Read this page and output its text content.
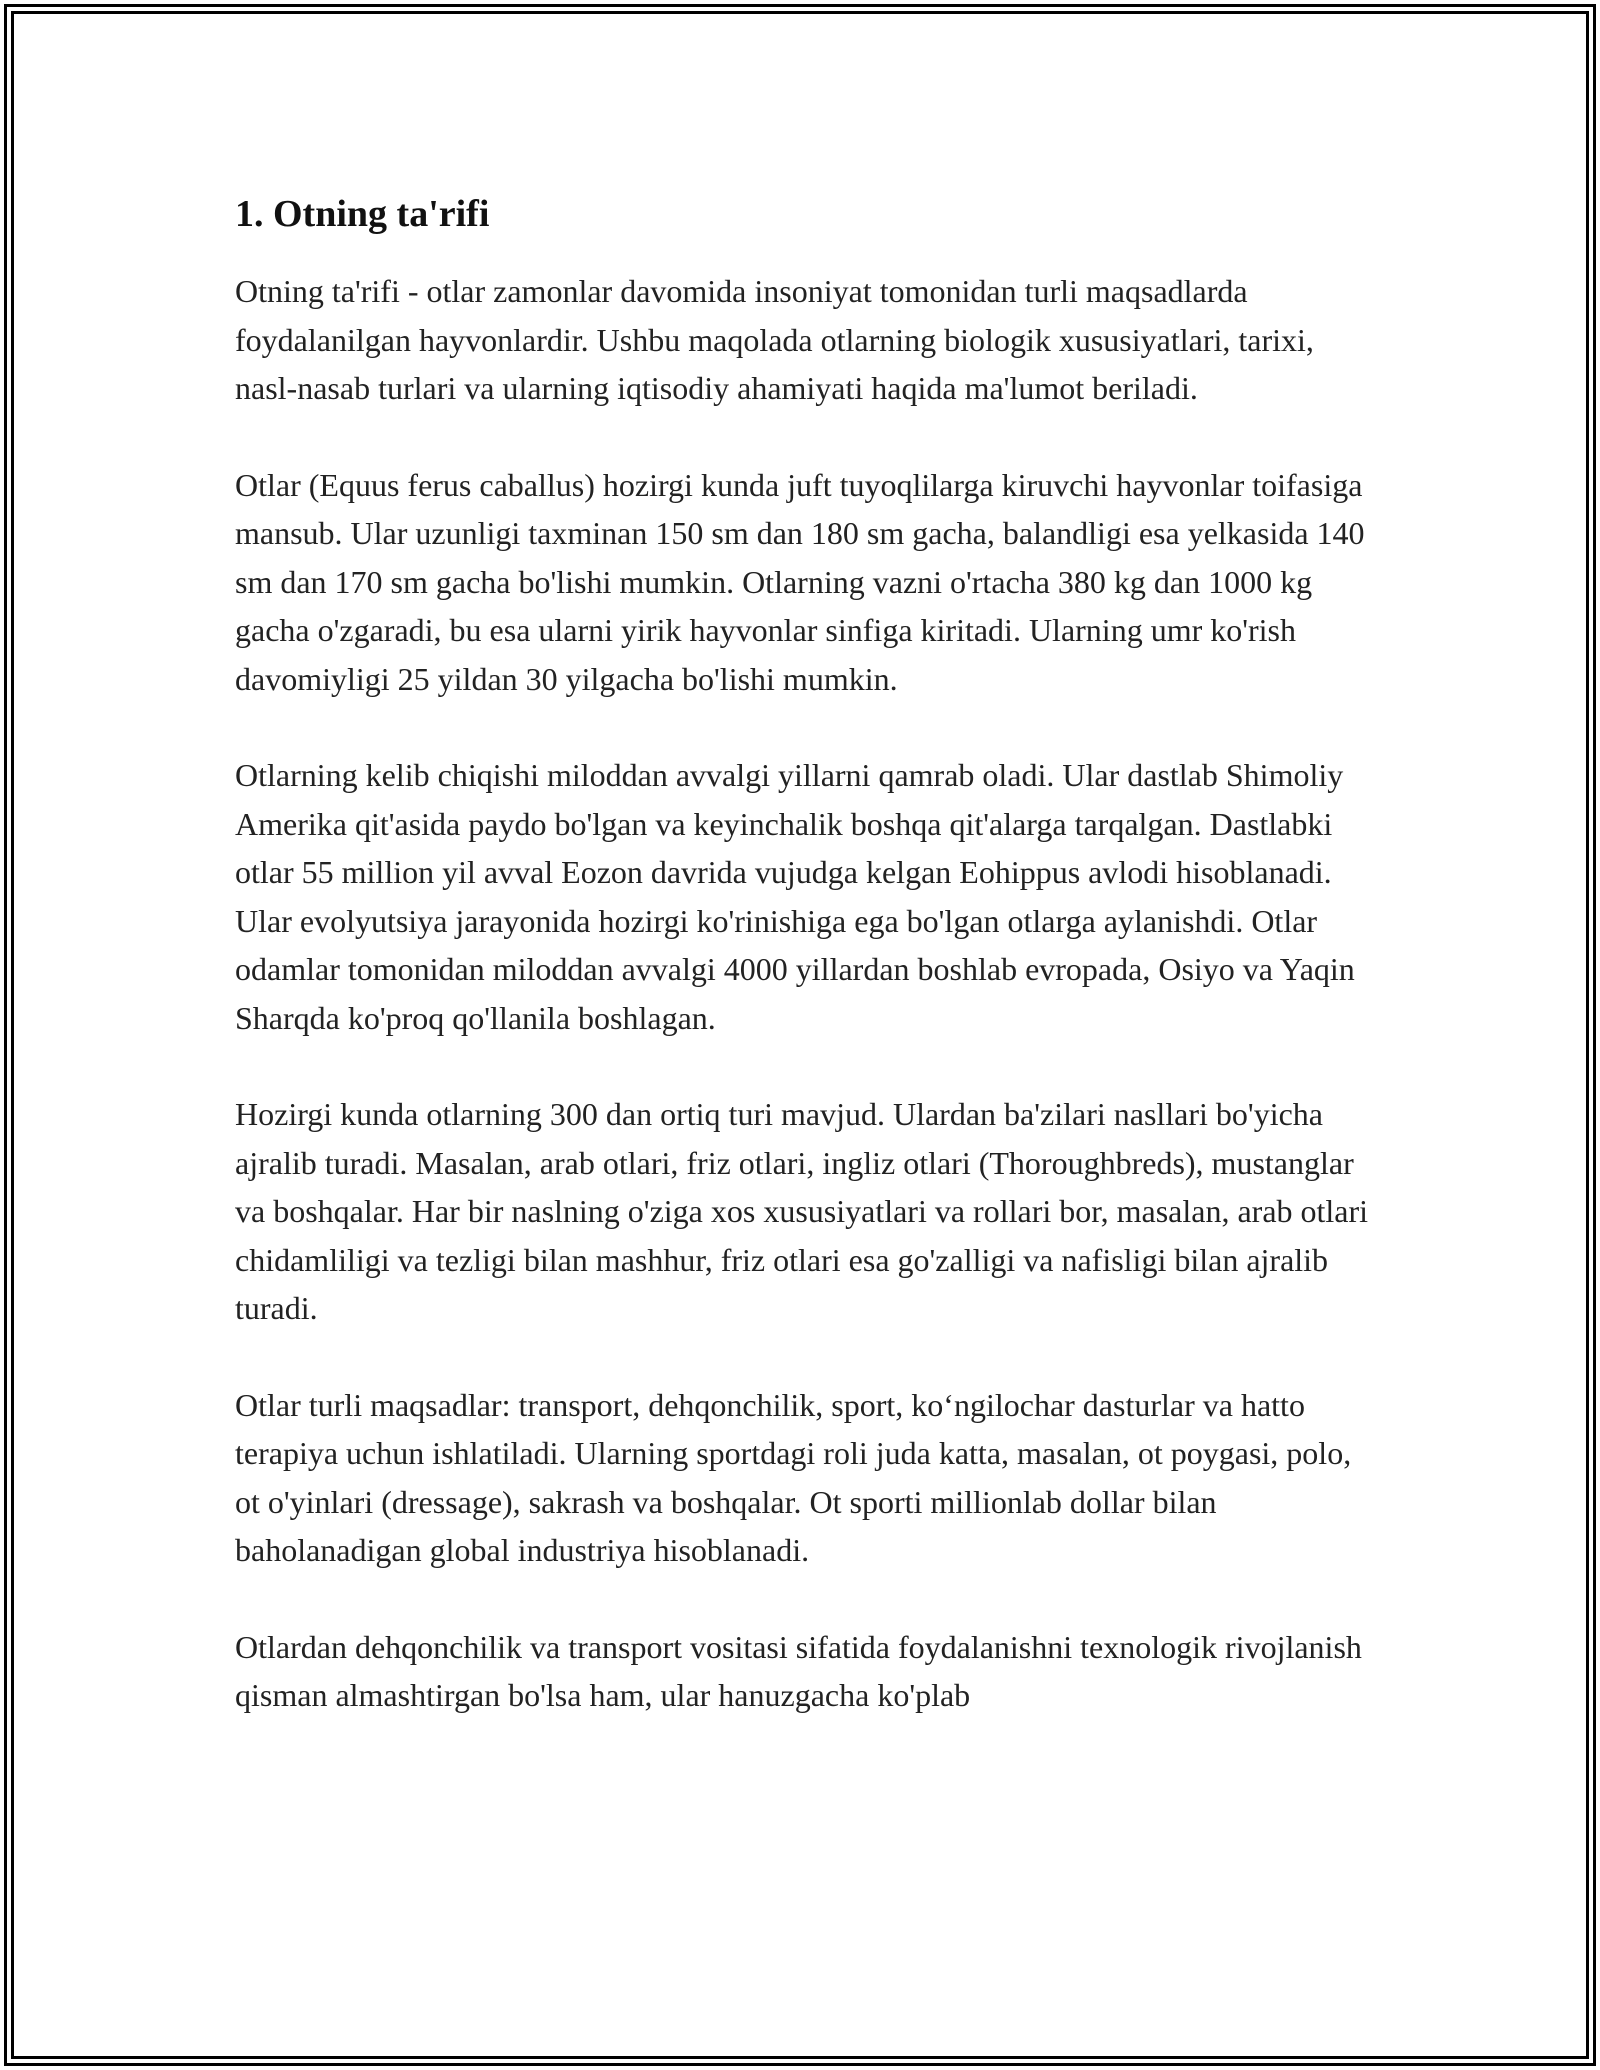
1. Otning ta'rifi

Otning ta'rifi - otlar zamonlar davomida insoniyat tomonidan turli maqsadlarda foydalanilgan hayvonlardir. Ushbu maqolada otlarning biologik xususiyatlari, tarixi, nasl-nasab turlari va ularning iqtisodiy ahamiyati haqida ma'lumot beriladi.

Otlar (Equus ferus caballus) hozirgi kunda juft tuyoqlilarga kiruvchi hayvonlar toifasiga mansub. Ular uzunligi taxminan 150 sm dan 180 sm gacha, balandligi esa yelkasida 140 sm dan 170 sm gacha bo'lishi mumkin. Otlarning vazni o'rtacha 380 kg dan 1000 kg gacha o'zgaradi, bu esa ularni yirik hayvonlar sinfiga kiritadi. Ularning umr ko'rish davomiyligi 25 yildan 30 yilgacha bo'lishi mumkin.

Otlarning kelib chiqishi miloddan avvalgi yillarni qamrab oladi. Ular dastlab Shimoliy Amerika qit'asida paydo bo'lgan va keyinchalik boshqa qit'alarga tarqalgan. Dastlabki otlar 55 million yil avval Eozon davrida vujudga kelgan Eohippus avlodi hisoblanadi. Ular evolyutsiya jarayonida hozirgi ko'rinishiga ega bo'lgan otlarga aylanishdi. Otlar odamlar tomonidan miloddan avvalgi 4000 yillardan boshlab evropada, Osiyo va Yaqin Sharqda ko'proq qo'llanila boshlagan.

Hozirgi kunda otlarning 300 dan ortiq turi mavjud. Ulardan ba'zilari nasllari bo'yicha ajralib turadi. Masalan, arab otlari, friz otlari, ingliz otlari (Thoroughbreds), mustanglar va boshqalar. Har bir naslning o'ziga xos xususiyatlari va rollari bor, masalan, arab otlari chidamliligi va tezligi bilan mashhur, friz otlari esa go'zalligi va nafisligi bilan ajralib turadi.

Otlar turli maqsadlar: transport, dehqonchilik, sport, ko‘ngilochar dasturlar va hatto terapiya uchun ishlatiladi. Ularning sportdagi roli juda katta, masalan, ot poygasi, polo, ot o'yinlari (dressage), sakrash va boshqalar. Ot sporti millionlab dollar bilan baholanadigan global industriya hisoblanadi.

Otlardan dehqonchilik va transport vositasi sifatida foydalanishni texnologik rivojlanish qisman almashtirgan bo'lsa ham, ular hanuzgacha ko'plab
